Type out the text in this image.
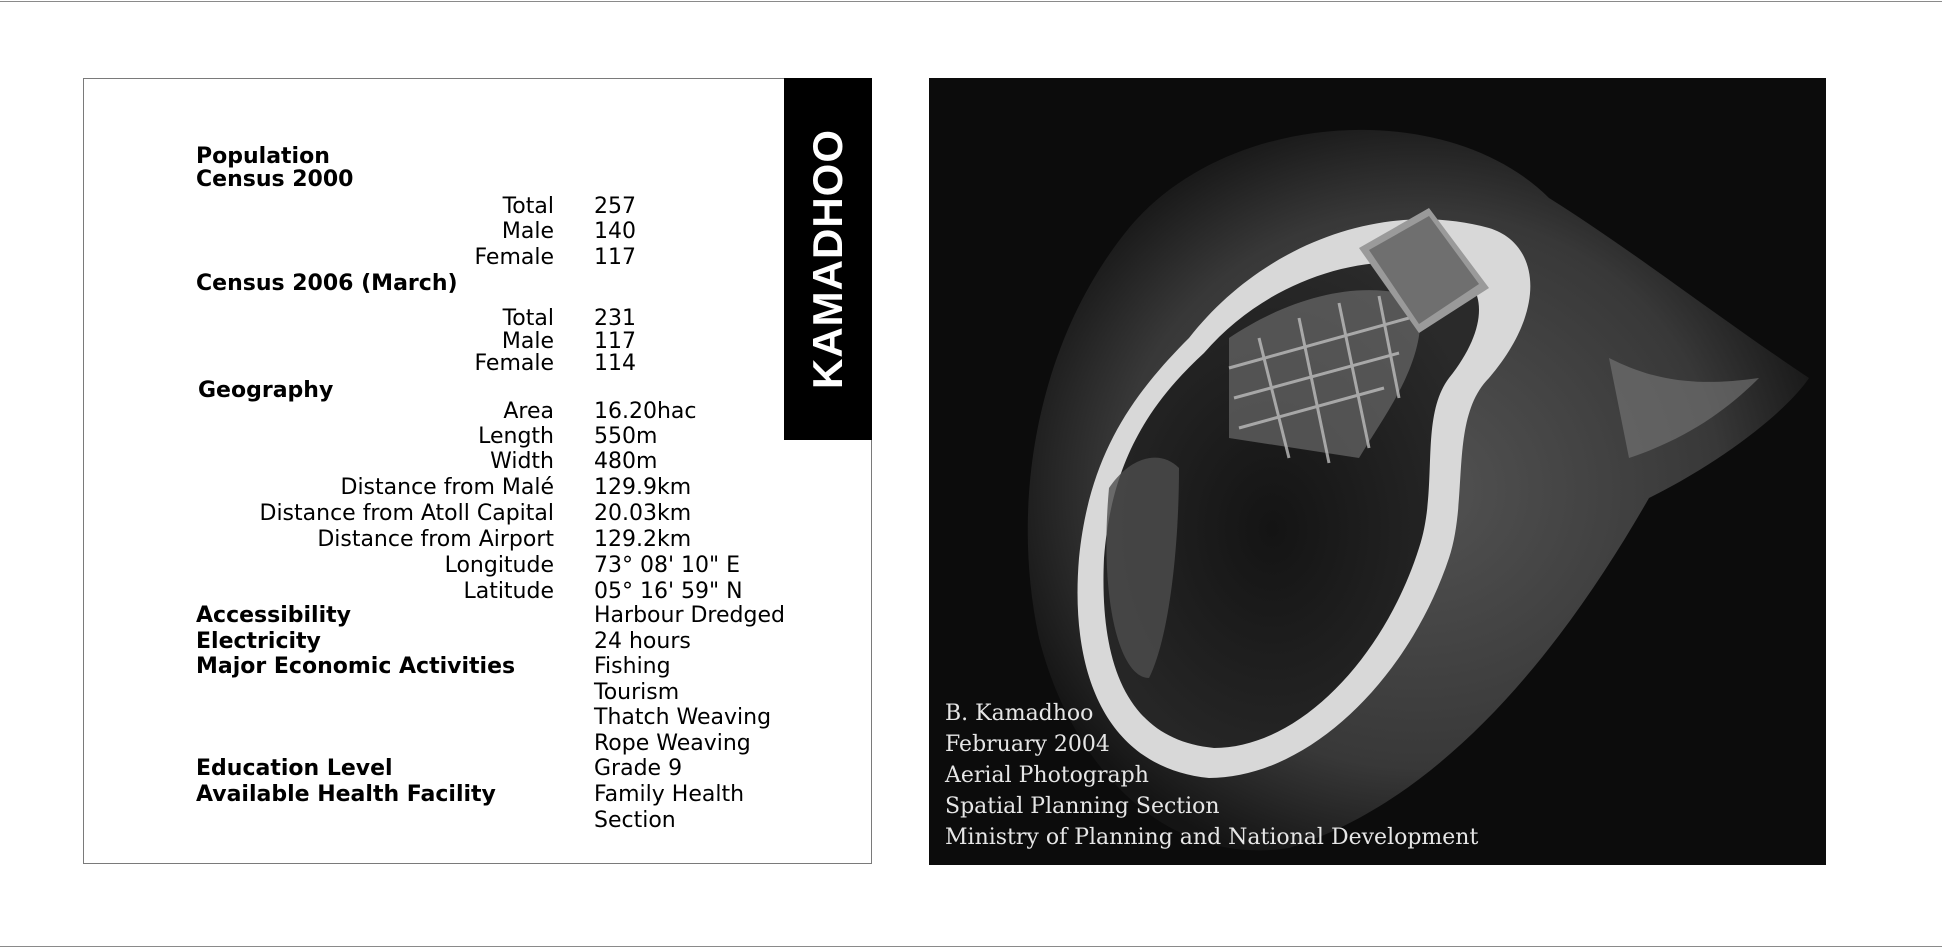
KAMADHOO
Population
Census 2000
Total 257
Male 140
Female 117
Census 2006 (March)
Total 231
Male 117
Female 114
Geography
Area 16.20hac
Length 550m
Width 480m
Distance from Malé 129.9km
Distance from Atoll Capital 20.03km
Distance from Airport 129.2km
Longitude 73° 08' 10" E
Latitude 05° 16' 59" N
Accessibility	Harbour Dredged
Electricity	24 hours
Major Economic Activities	Fishing
Tourism
Thatch Weaving
Rope Weaving
Education Level	Grade 9
Available Health Facility	Family Health
Section
B. Kamadhoo
February 2004
Aerial Photograph
Spatial Planning Section
Ministry of Planning and National Development
